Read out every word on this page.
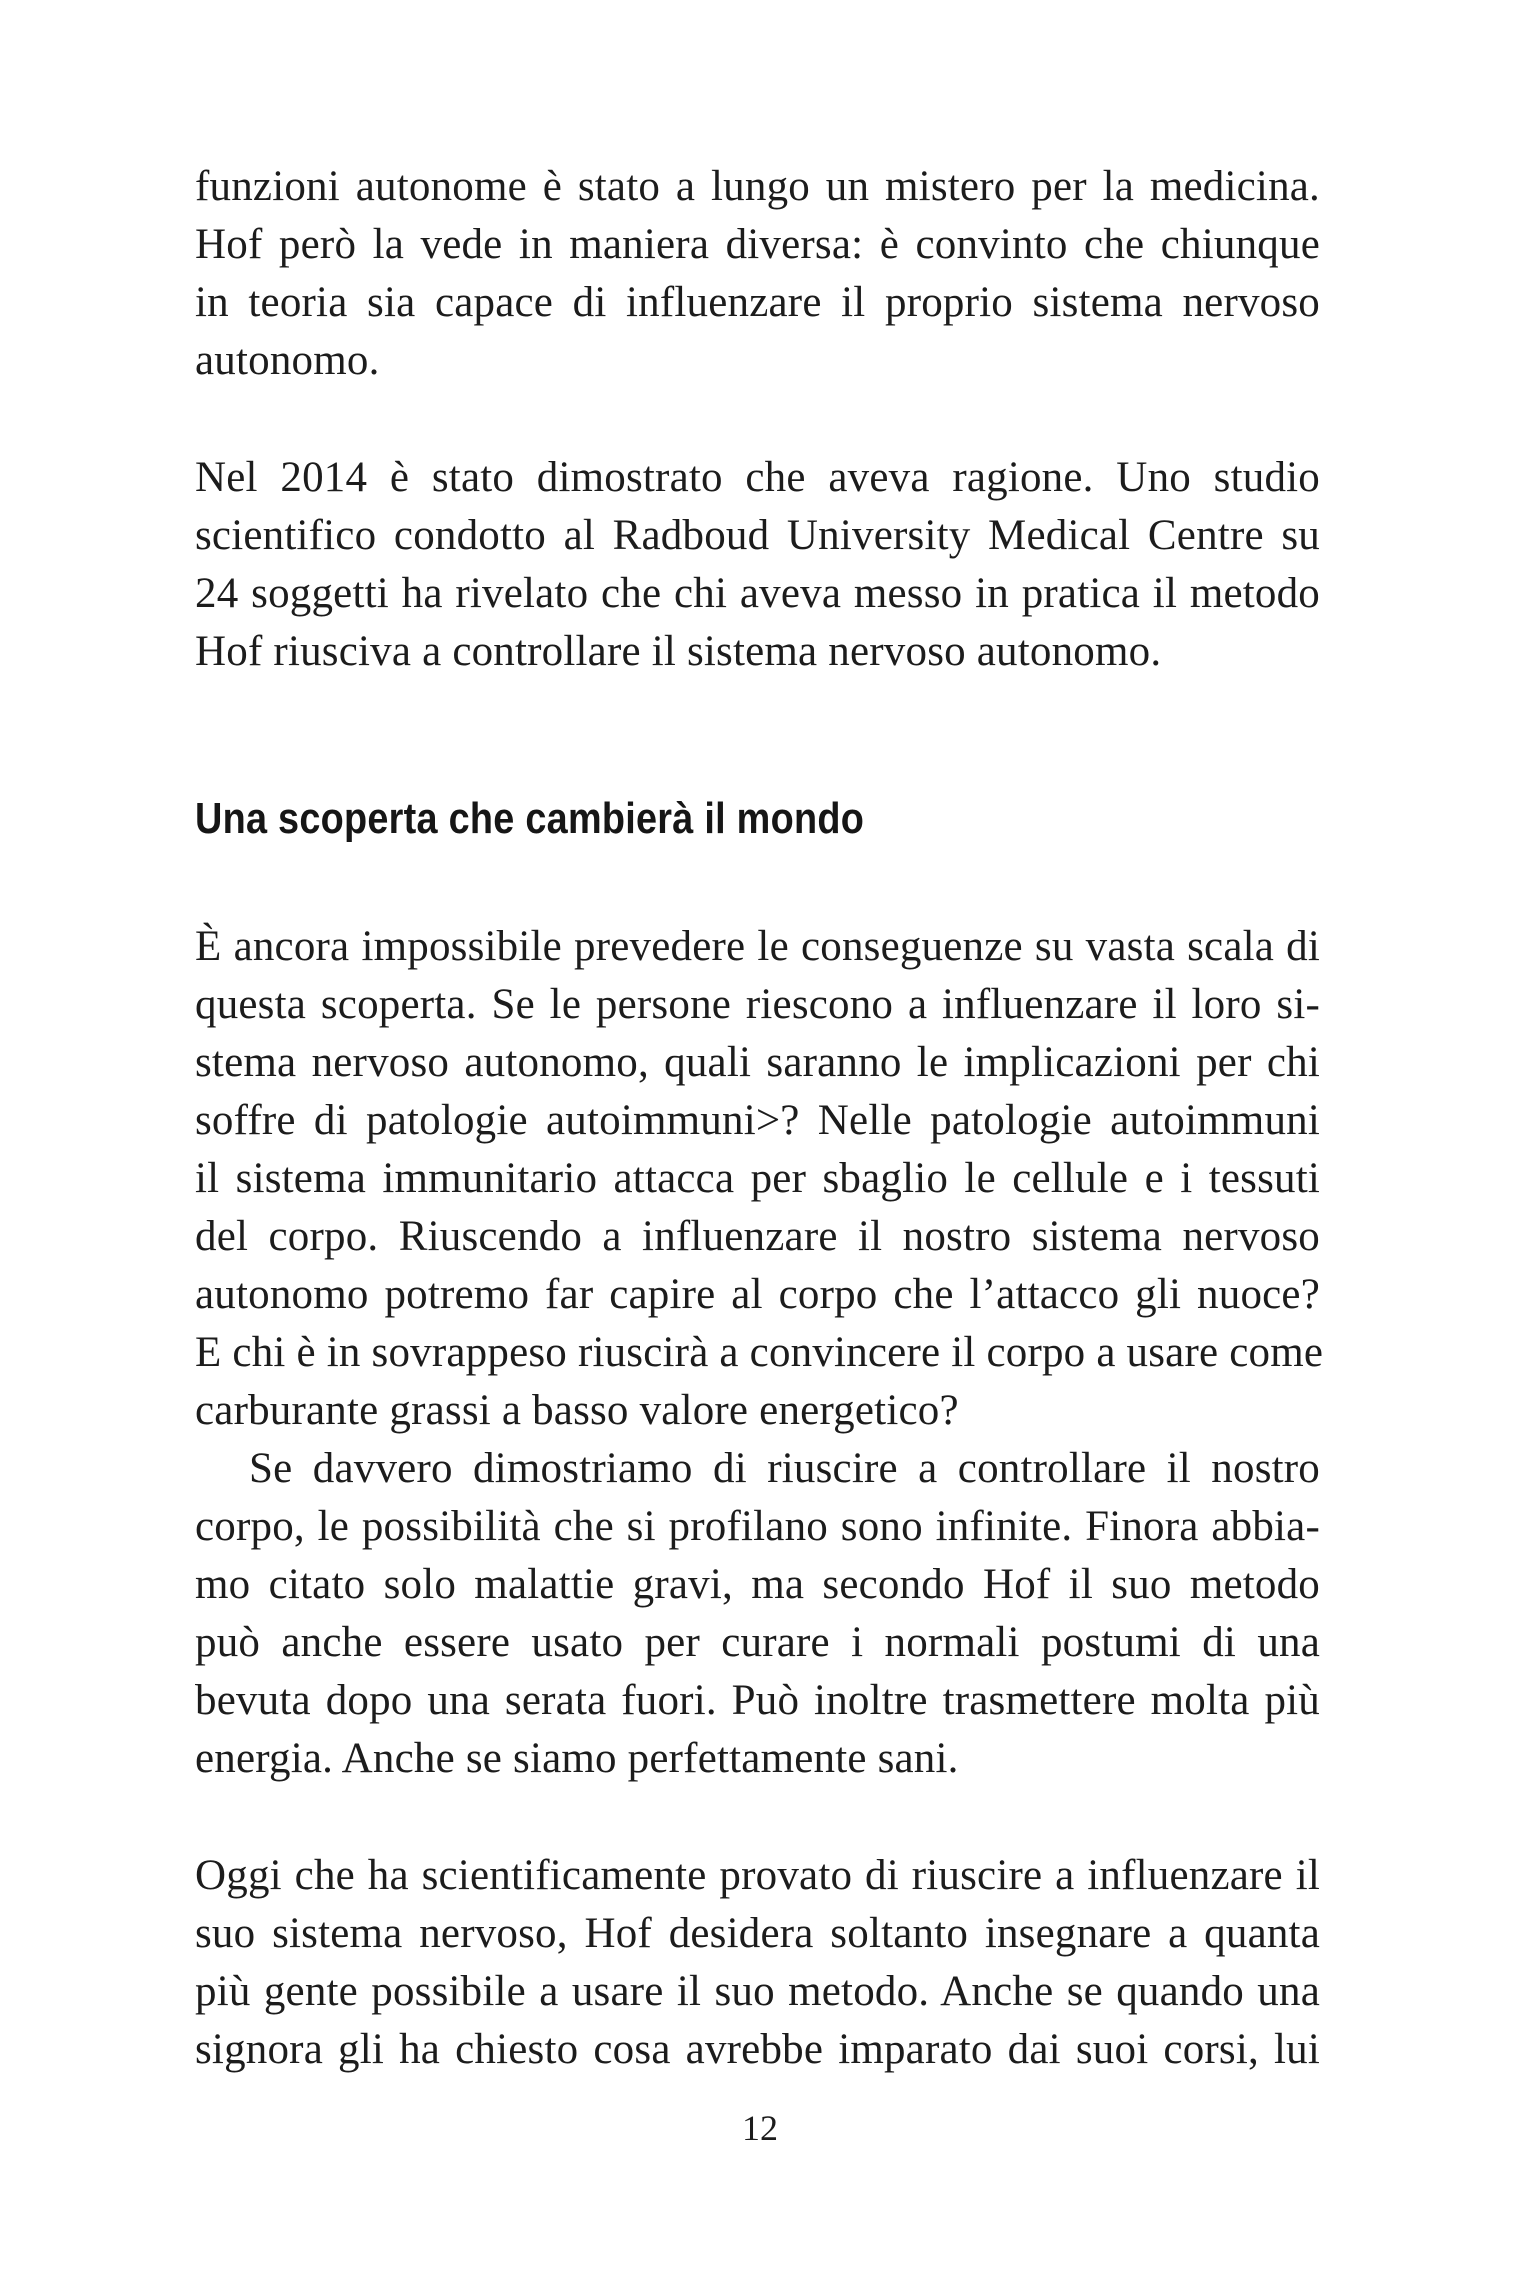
funzioni autonome è stato a lungo un mistero per la medicina.
Hof però la vede in maniera diversa: è convinto che chiunque
in teoria sia capace di influenzare il proprio sistema nervoso
autonomo.
Nel 2014 è stato dimostrato che aveva ragione. Uno studio
scientifico condotto al Radboud University Medical Centre su
24 soggetti ha rivelato che chi aveva messo in pratica il metodo
Hof riusciva a controllare il sistema nervoso autonomo.
Una scoperta che cambierà il mondo
È ancora impossibile prevedere le conseguenze su vasta scala di
questa scoperta. Se le persone riescono a influenzare il loro si-
stema nervoso autonomo, quali saranno le implicazioni per chi
soffre di patologie autoimmuni>? Nelle patologie autoimmuni
il sistema immunitario attacca per sbaglio le cellule e i tessuti
del corpo. Riuscendo a influenzare il nostro sistema nervoso
autonomo potremo far capire al corpo che l’attacco gli nuoce?
E chi è in sovrappeso riuscirà a convincere il corpo a usare come
carburante grassi a basso valore energetico?
Se davvero dimostriamo di riuscire a controllare il nostro
corpo, le possibilità che si profilano sono infinite. Finora abbia-
mo citato solo malattie gravi, ma secondo Hof il suo metodo
può anche essere usato per curare i normali postumi di una
bevuta dopo una serata fuori. Può inoltre trasmettere molta più
energia. Anche se siamo perfettamente sani.
Oggi che ha scientificamente provato di riuscire a influenzare il
suo sistema nervoso, Hof desidera soltanto insegnare a quanta
più gente possibile a usare il suo metodo. Anche se quando una
signora gli ha chiesto cosa avrebbe imparato dai suoi corsi, lui
12
